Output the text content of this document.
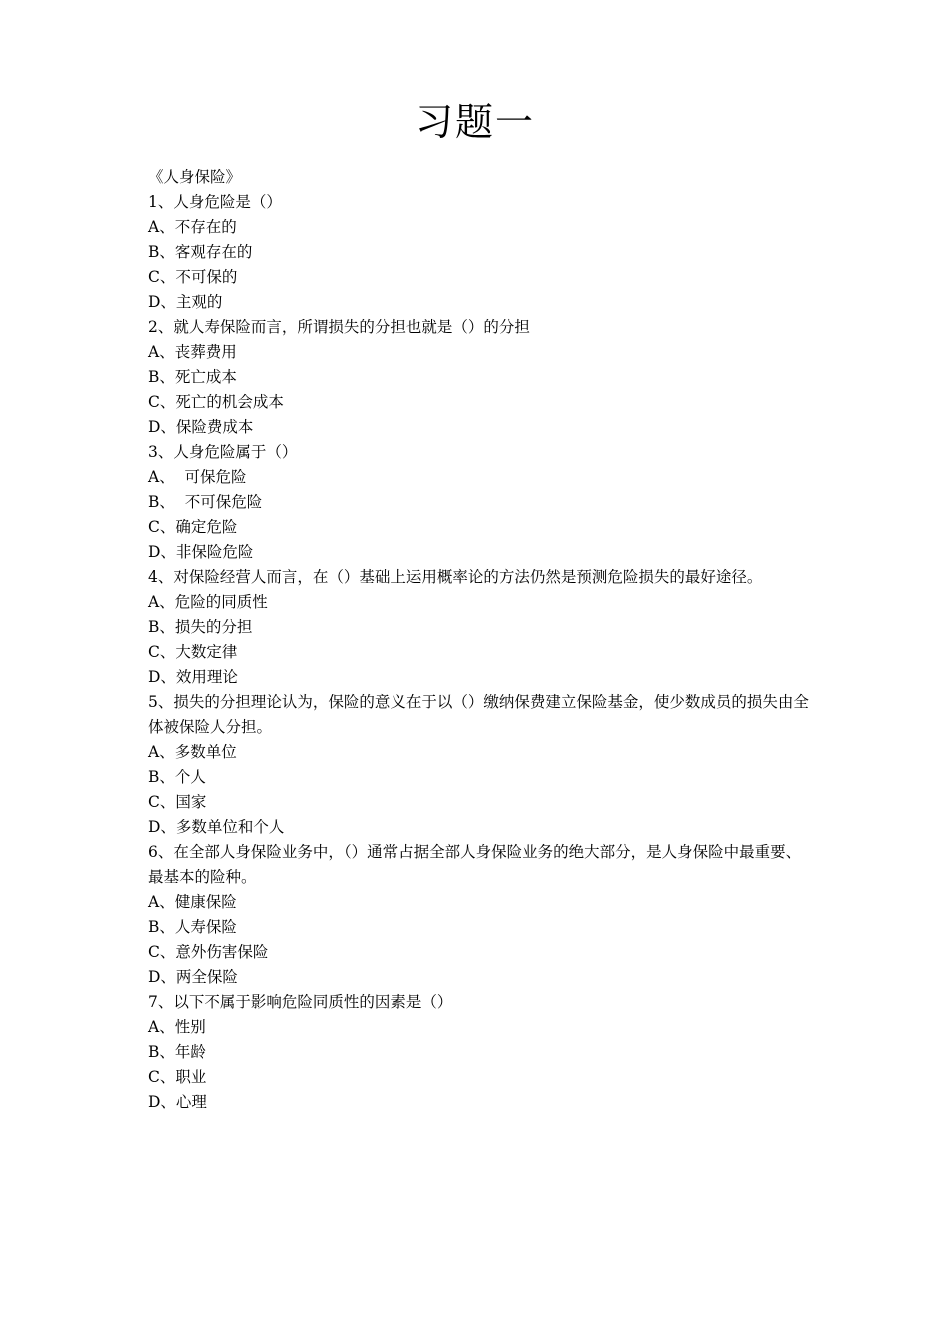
习题一
《人身保险》
1、人身危险是（）
A、不存在的
B、客观存在的
C、不可保的
D、主观的
2、就人寿保险而言，所谓损失的分担也就是（）的分担
A、丧葬费用
B、死亡成本
C、死亡的机会成本
D、保险费成本
3、人身危险属于（）
A、  可保危险
B、  不可保危险
C、确定危险
D、非保险危险
4、对保险经营人而言，在（）基础上运用概率论的方法仍然是预测危险损失的最好途径。
A、危险的同质性
B、损失的分担
C、大数定律
D、效用理论
5、损失的分担理论认为，保险的意义在于以（）缴纳保费建立保险基金，使少数成员的损失由全体被保险人分担。
A、多数单位
B、个人
C、国家
D、多数单位和个人
6、在全部人身保险业务中，（）通常占据全部人身保险业务的绝大部分，是人身保险中最重要、最基本的险种。
A、健康保险
B、人寿保险
C、意外伤害保险
D、两全保险
7、以下不属于影响危险同质性的因素是（）
A、性别
B、年龄
C、职业
D、心理
